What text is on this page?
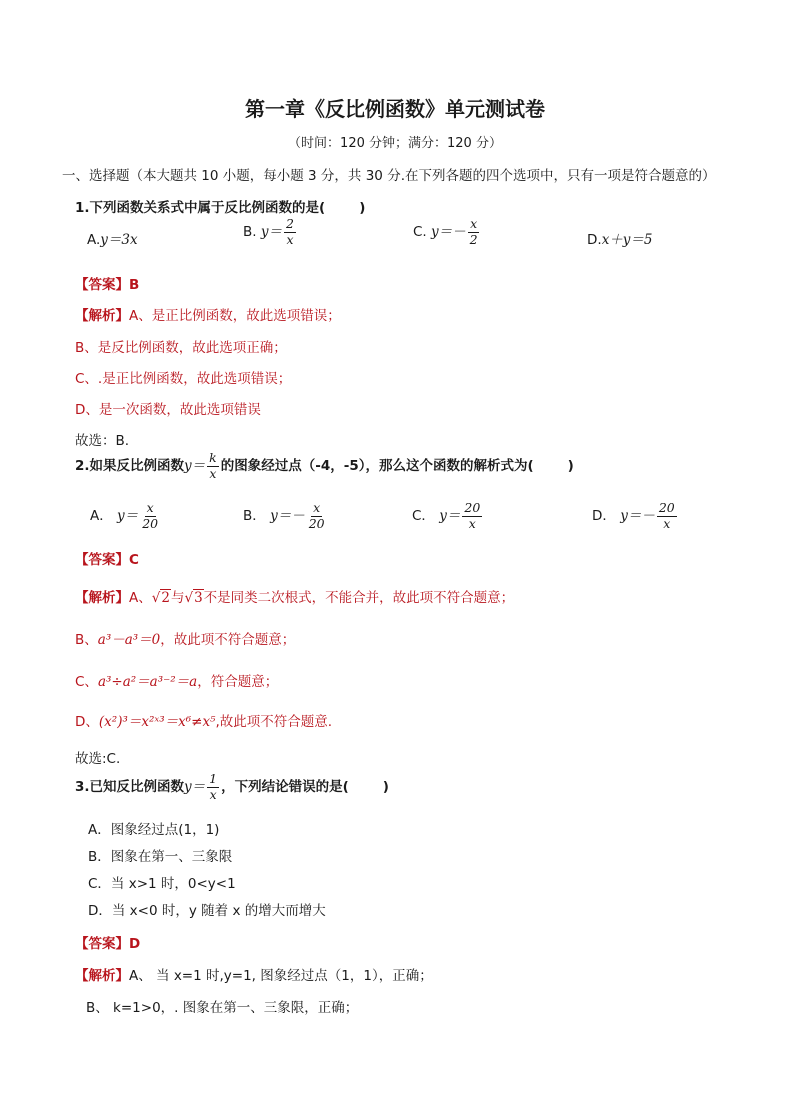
第一章《反比例函数》单元测试卷
（时间：120 分钟；满分：120 分）
一、选择题（本大题共 10 小题，每小题 3 分，共 30 分.在下列各题的四个选项中，只有一项是符合题意的）
1.下列函数关系式中属于反比例函数的是(	)
A.y＝3x	B. $y= \frac{2}{x}$	C. $y=- \frac{x}{2}$	D.x＋y＝5
【答案】B
【解析】A、是正比例函数，故此选项错误；
B、是反比例函数，故此选项正确；
C、.是正比例函数，故此选项错误；
D、是一次函数，故此选项错误
故选：B.
2.如果反比例函数$y= \frac{k}{x}$ 的图象经过点（-4，-5），那么这个函数的解析式为(	)
A． $y= \frac{x}{20}$	B． $y=- \frac{x}{20}$	C． $y= \frac{20}{x}$	D． $y=- \frac{20}{x}$
【答案】C
【解析】A、√2与√3不是同类二次根式，不能合并，故此项不符合题意；
B、a³－a³＝0，故此项不符合题意；
C、a³÷a²＝a³⁻²＝a，符合题意；
D、(x²)³＝x²ˣ³＝x⁶≠x⁵,故此项不符合题意.
故选:C.
3.已知反比例函数$y= \frac{1}{x}$ ，下列结论错误的是(	)
A．图象经过点(1，1)
B．图象在第一、三象限
C．当 x>1 时，0<y<1
D．当 x<0 时，y 随着 x 的增大而增大
【答案】D
【解析】A、 当 x=1 时,y=1, 图象经过点（1，1），正确；
B、 k=1>0，. 图象在第一、三象限，正确；
